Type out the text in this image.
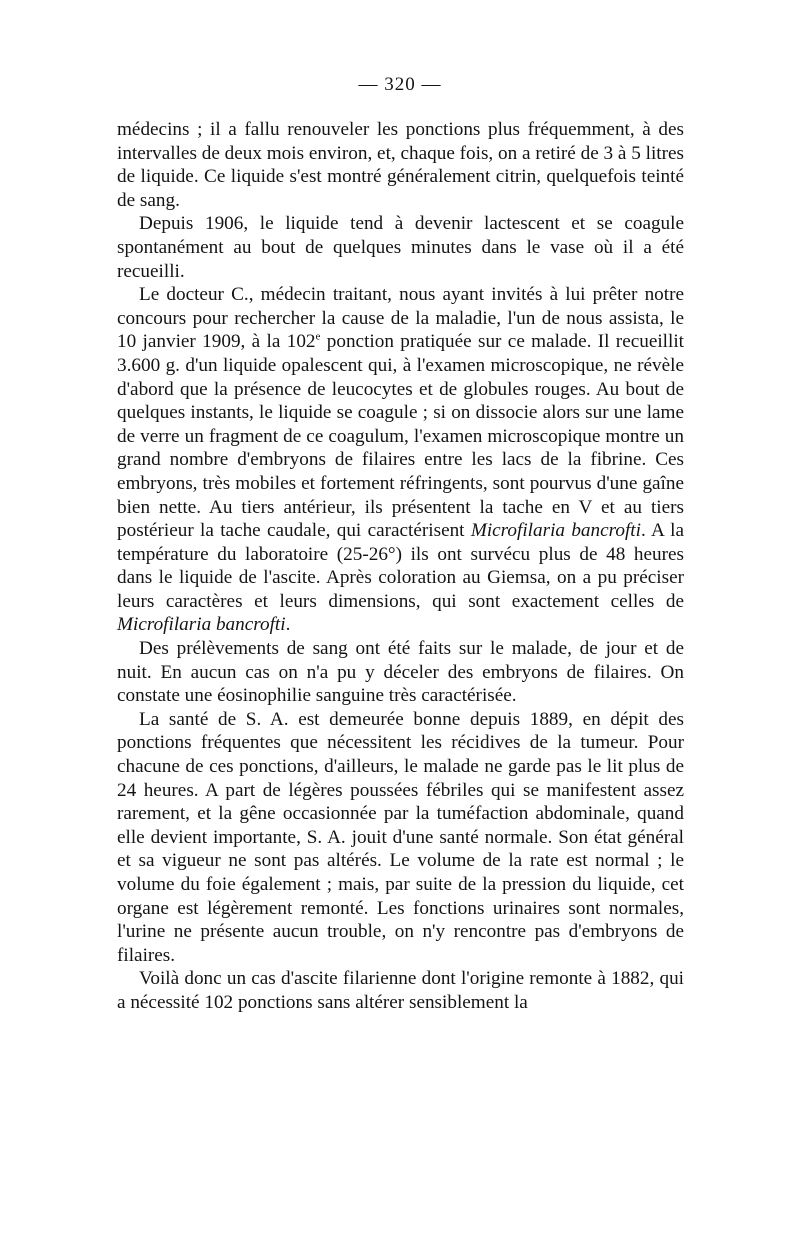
— 320 —

médecins ; il a fallu renouveler les ponctions plus fréquemment, à des intervalles de deux mois environ, et, chaque fois, on a retiré de 3 à 5 litres de liquide. Ce liquide s'est montré généralement citrin, quelquefois teinté de sang.

Depuis 1906, le liquide tend à devenir lactescent et se coagule spontanément au bout de quelques minutes dans le vase où il a été recueilli.

Le docteur C., médecin traitant, nous ayant invités à lui prêter notre concours pour rechercher la cause de la maladie, l'un de nous assista, le 10 janvier 1909, à la 102e ponction pratiquée sur ce malade. Il recueillit 3.600 g. d'un liquide opalescent qui, à l'examen microscopique, ne révèle d'abord que la présence de leucocytes et de globules rouges. Au bout de quelques instants, le liquide se coagule ; si on dissocie alors sur une lame de verre un fragment de ce coagulum, l'examen microscopique montre un grand nombre d'embryons de filaires entre les lacs de la fibrine. Ces embryons, très mobiles et fortement réfringents, sont pourvus d'une gaîne bien nette. Au tiers antérieur, ils présentent la tache en V et au tiers postérieur la tache caudale, qui caractérisent Microfilaria bancrofti. A la température du laboratoire (25-26°) ils ont survécu plus de 48 heures dans le liquide de l'ascite. Après coloration au Giemsa, on a pu préciser leurs caractères et leurs dimensions, qui sont exactement celles de Microfilaria bancrofti.

Des prélèvements de sang ont été faits sur le malade, de jour et de nuit. En aucun cas on n'a pu y déceler des embryons de filaires. On constate une éosinophilie sanguine très caractérisée.

La santé de S. A. est demeurée bonne depuis 1889, en dépit des ponctions fréquentes que nécessitent les récidives de la tumeur. Pour chacune de ces ponctions, d'ailleurs, le malade ne garde pas le lit plus de 24 heures. A part de légères poussées fébriles qui se manifestent assez rarement, et la gêne occasionnée par la tuméfaction abdominale, quand elle devient importante, S. A. jouit d'une santé normale. Son état général et sa vigueur ne sont pas altérés. Le volume de la rate est normal ; le volume du foie également ; mais, par suite de la pression du liquide, cet organe est légèrement remonté. Les fonctions urinaires sont normales, l'urine ne présente aucun trouble, on n'y rencontre pas d'embryons de filaires.

Voilà donc un cas d'ascite filarienne dont l'origine remonte à 1882, qui a nécessité 102 ponctions sans altérer sensiblement la
